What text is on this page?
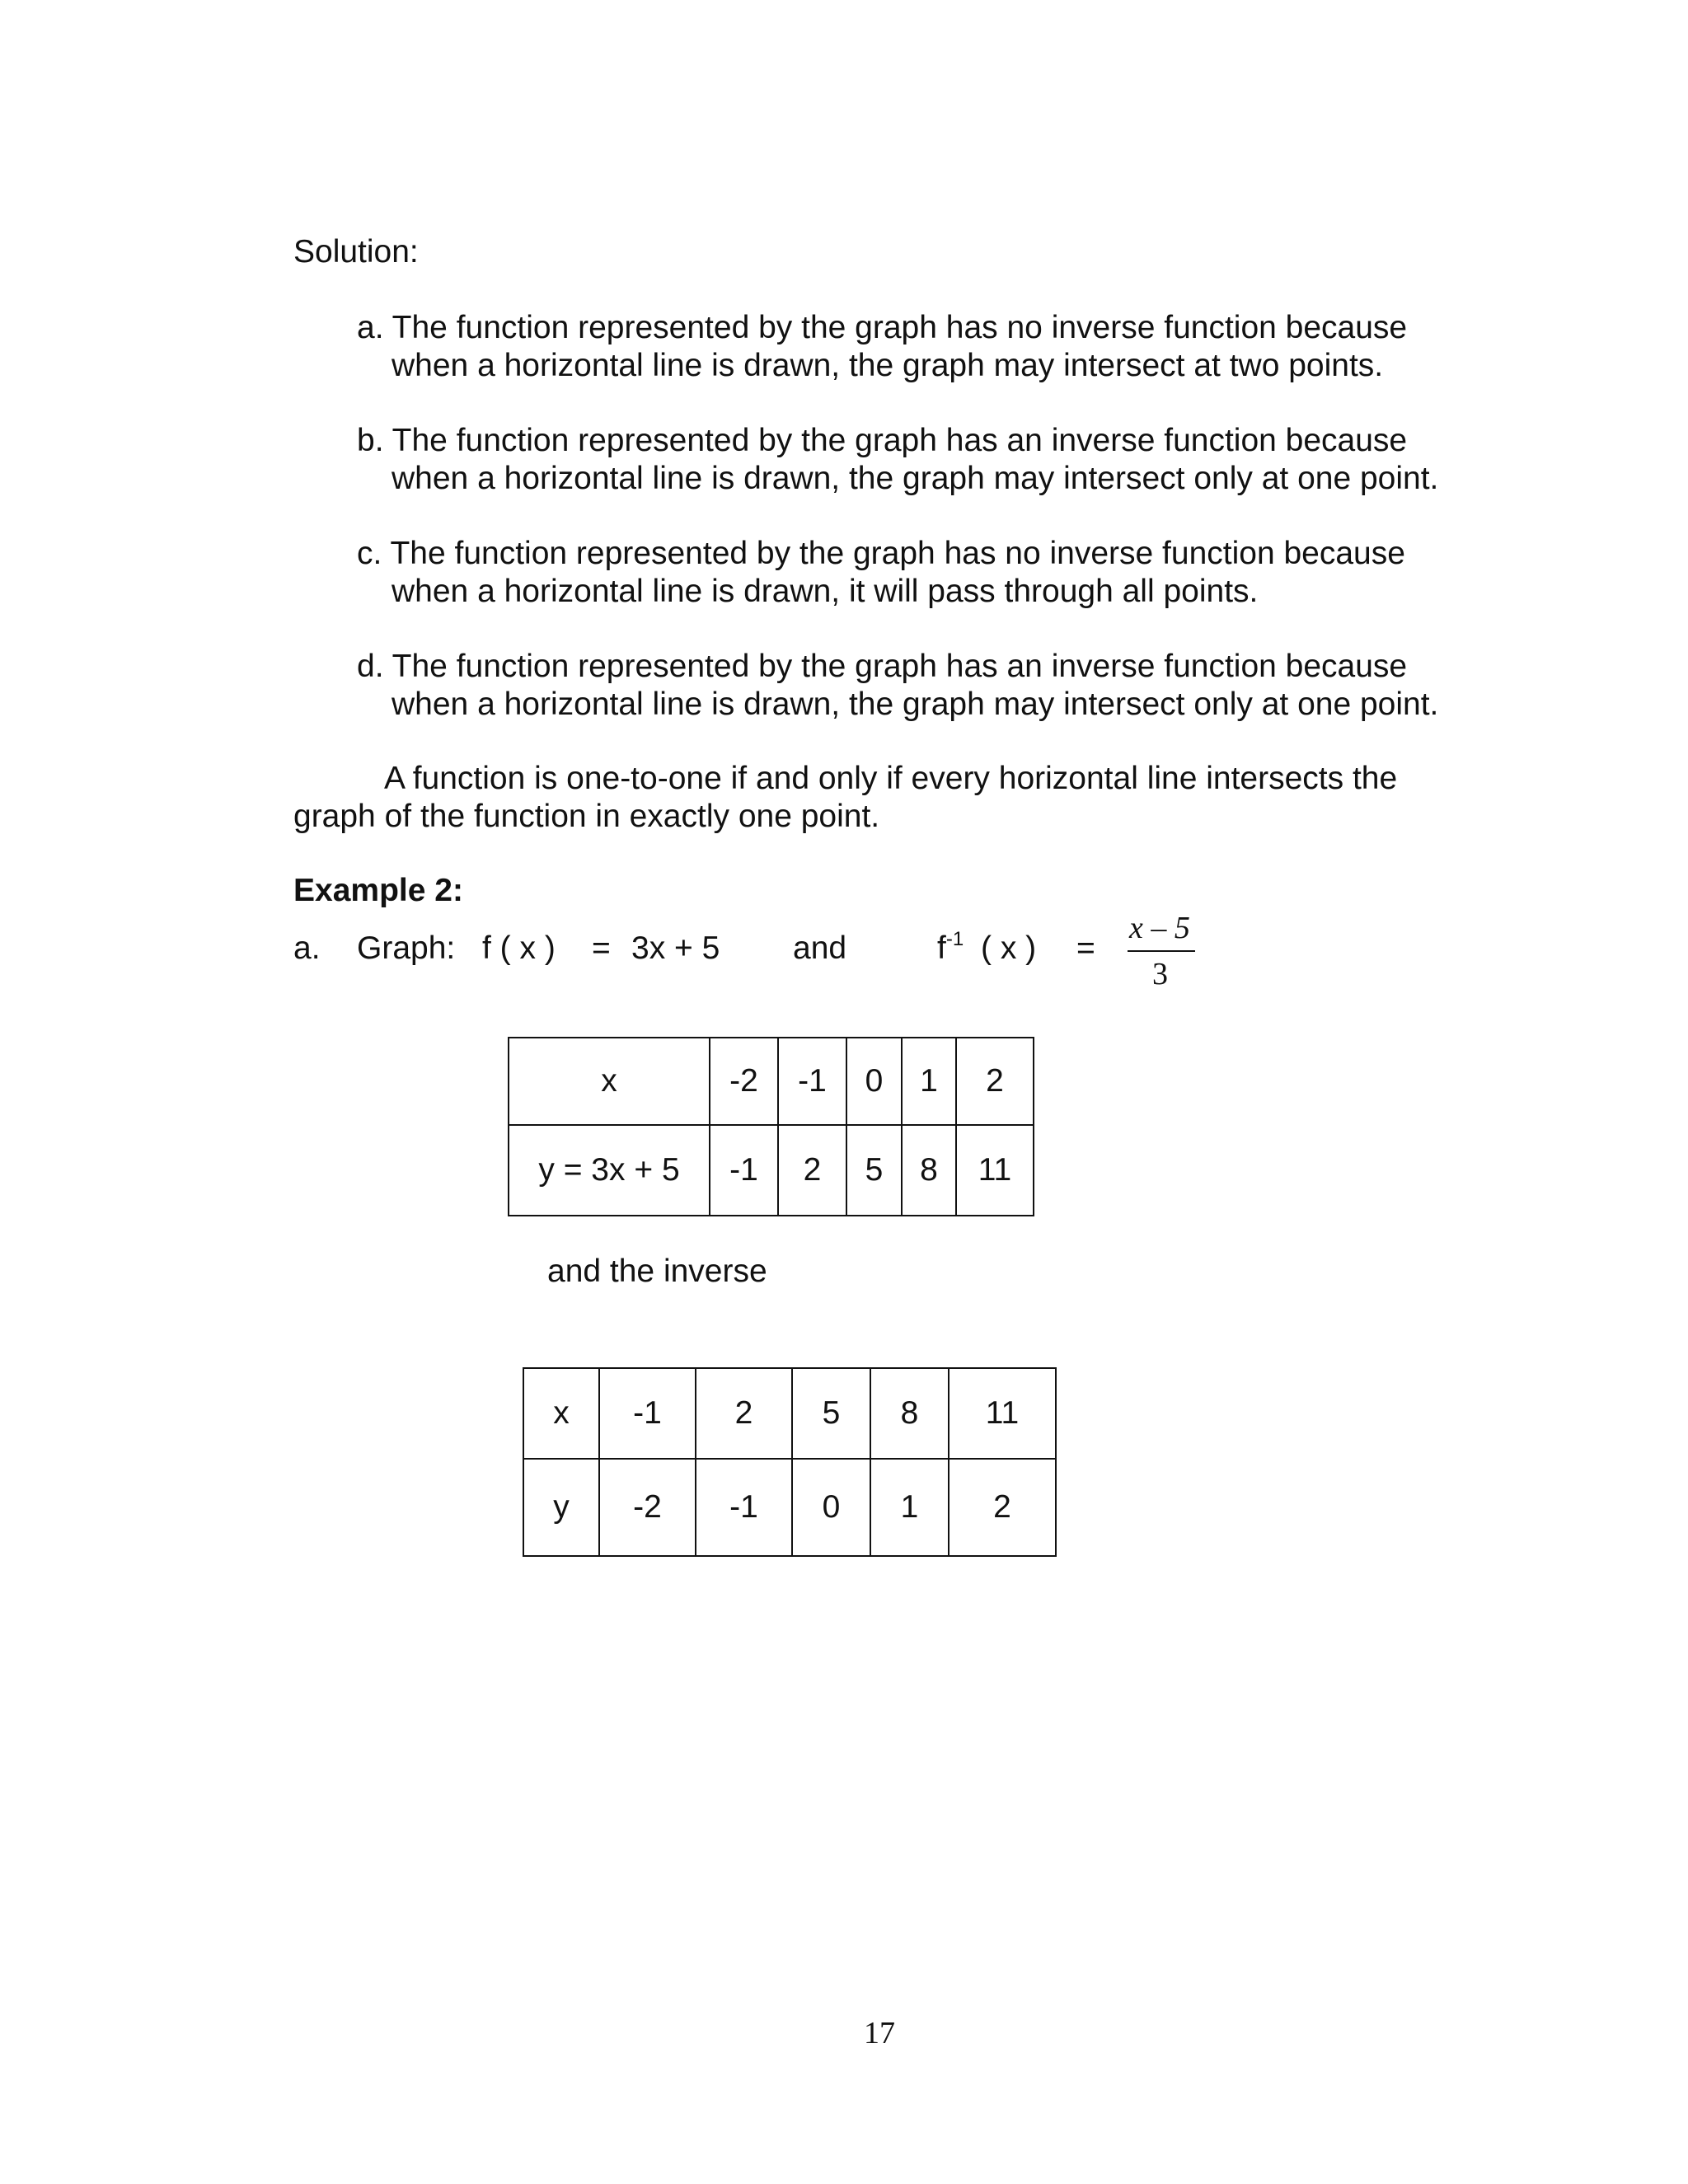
Solution:
a. The function represented by the graph has no inverse function because
when a horizontal line is drawn, the graph may intersect at two points.
b. The function represented by the graph has an inverse function because
when a horizontal line is drawn, the graph may intersect only at one point.
c. The function represented by the graph has no inverse function because
when a horizontal line is drawn, it will pass through all points.
d. The function represented by the graph has an inverse function because
when a horizontal line is drawn, the graph may intersect only at one point.
A function is one-to-one if and only if every horizontal line intersects the
graph of the function in exactly one point.
Example 2:
a. Graph: f ( x ) = 3x + 5 and	$f^{-1}$ ( x ) =
x – 5
3
x	-2	-1	0	1	2
y = 3x + 5	-1	2	5	8	11
and the inverse
x	-1	2	5	8	11
y	-2	-1	0	1	2
17
